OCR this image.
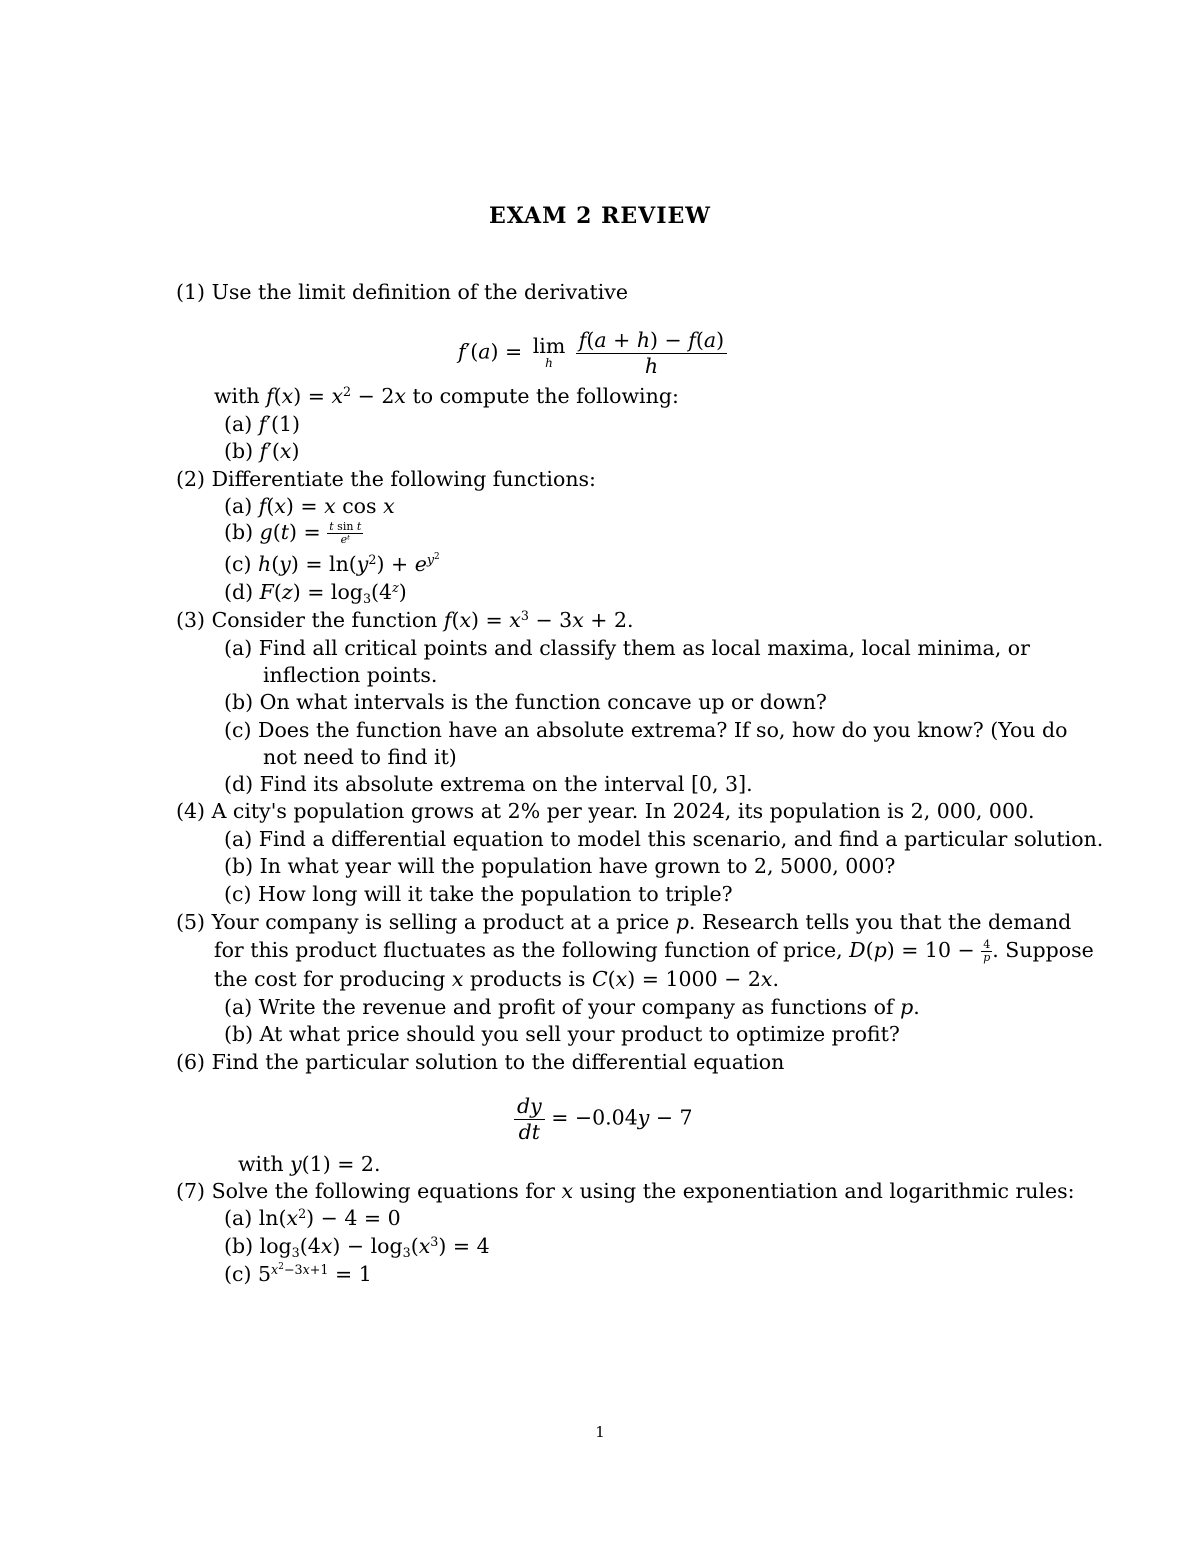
EXAM 2 REVIEW
(1) Use the limit definition of the derivative
f′(a) = lim
h
	$\frac{f(a + h) - f(a)}{h}$
with $f(x) = x^2 - 2x$ to compute the following:
(a) f′(1)
(b) f′(x)
(2) Differentiate the following functions:
(a) f(x) = x cos x
(b) $g(t) = \frac{\text{t sin t}}{e^t}$
(c) $h(y) = \ln(y^2) + e^{y^2}$
(d) $F(z) = \log_3(4^z)$
(3) Consider the function $f(x) = x^3 - 3x + 2$.
(a) Find all critical points and classify them as local maxima, local minima, or
inflection points.
(b) On what intervals is the function concave up or down?
(c) Does the function have an absolute extrema? If so, how do you know? (You do
not need to find it)
(d) Find its absolute extrema on the interval [0, 3].
(4) A city's population grows at 2% per year. In 2024, its population is 2, 000, 000.
(a) Find a differential equation to model this scenario, and find a particular solution.
(b) In what year will the population have grown to 2, 5000, 000?
(c) How long will it take the population to triple?
(5) Your company is selling a product at a price p. Research tells you that the demand
for this product fluctuates as the following function of price, $D(p) = 10 - \frac{4}{p}$ . Suppose
the cost for producing x products is C(x) = 1000 − 2x.
(a) Write the revenue and profit of your company as functions of p.
(b) At what price should you sell your product to optimize profit?
(6) Find the particular solution to the differential equation
$\frac{dy}{dt} = -0.04y - 7$
with y(1) = 2.
(7) Solve the following equations for x using the exponentiation and logarithmic rules:
(a) $\ln(x^2) - 4 = 0$
(b) $\log_3(4x) - \log_3(x^3) = 4$
(c) $5^{x^2-3x+1} = 1$
1
